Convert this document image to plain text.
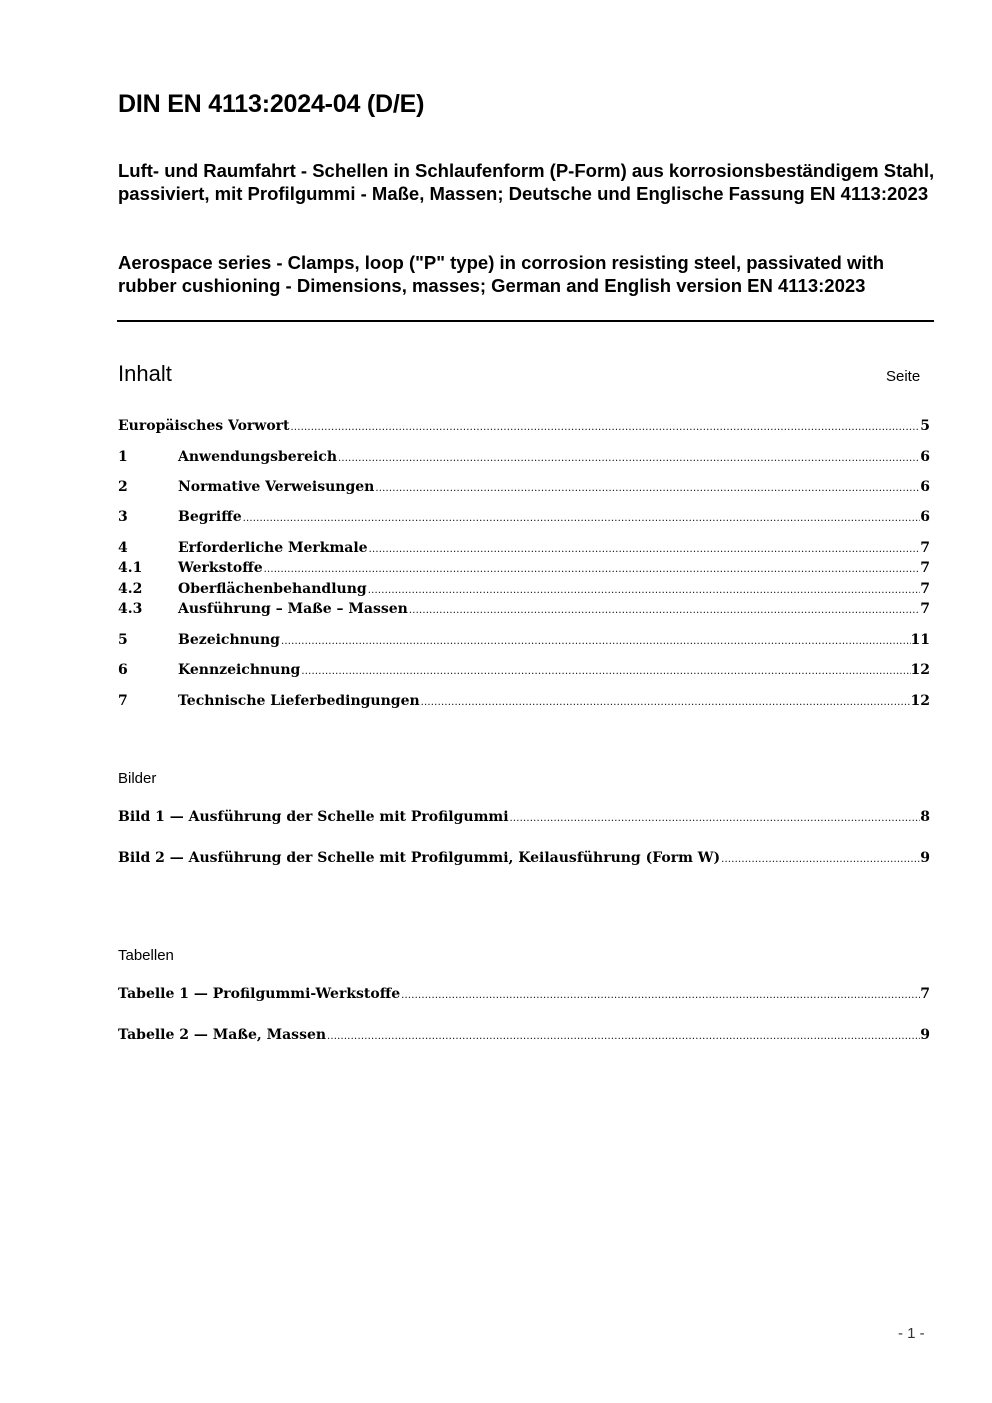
DIN EN 4113:2024-04 (D/E)
Luft- und Raumfahrt - Schellen in Schlaufenform (P-Form) aus korrosionsbeständigem Stahl, passiviert, mit Profilgummi - Maße, Massen; Deutsche und Englische Fassung EN 4113:2023
Aerospace series - Clamps, loop ("P" type) in corrosion resisting steel, passivated with rubber cushioning - Dimensions, masses; German and English version EN 4113:2023
Inhalt	Seite
Europäisches Vorwort .....	5
1	Anwendungsbereich .....	6
2	Normative Verweisungen .....	6
3	Begriffe .....	6
4	Erforderliche Merkmale .....	7
4.1	Werkstoffe .....	7
4.2	Oberflächenbehandlung .....	7
4.3	Ausführung – Maße – Massen .....	7
5	Bezeichnung .....	11
6	Kennzeichnung .....	12
7	Technische Lieferbedingungen .....	12
Bilder
Bild 1 — Ausführung der Schelle mit Profilgummi .....	8
Bild 2 — Ausführung der Schelle mit Profilgummi, Keilausführung (Form W) .....	9
Tabellen
Tabelle 1 — Profilgummi-Werkstoffe .....	7
Tabelle 2 — Maße, Massen .....	9
- 1 -
